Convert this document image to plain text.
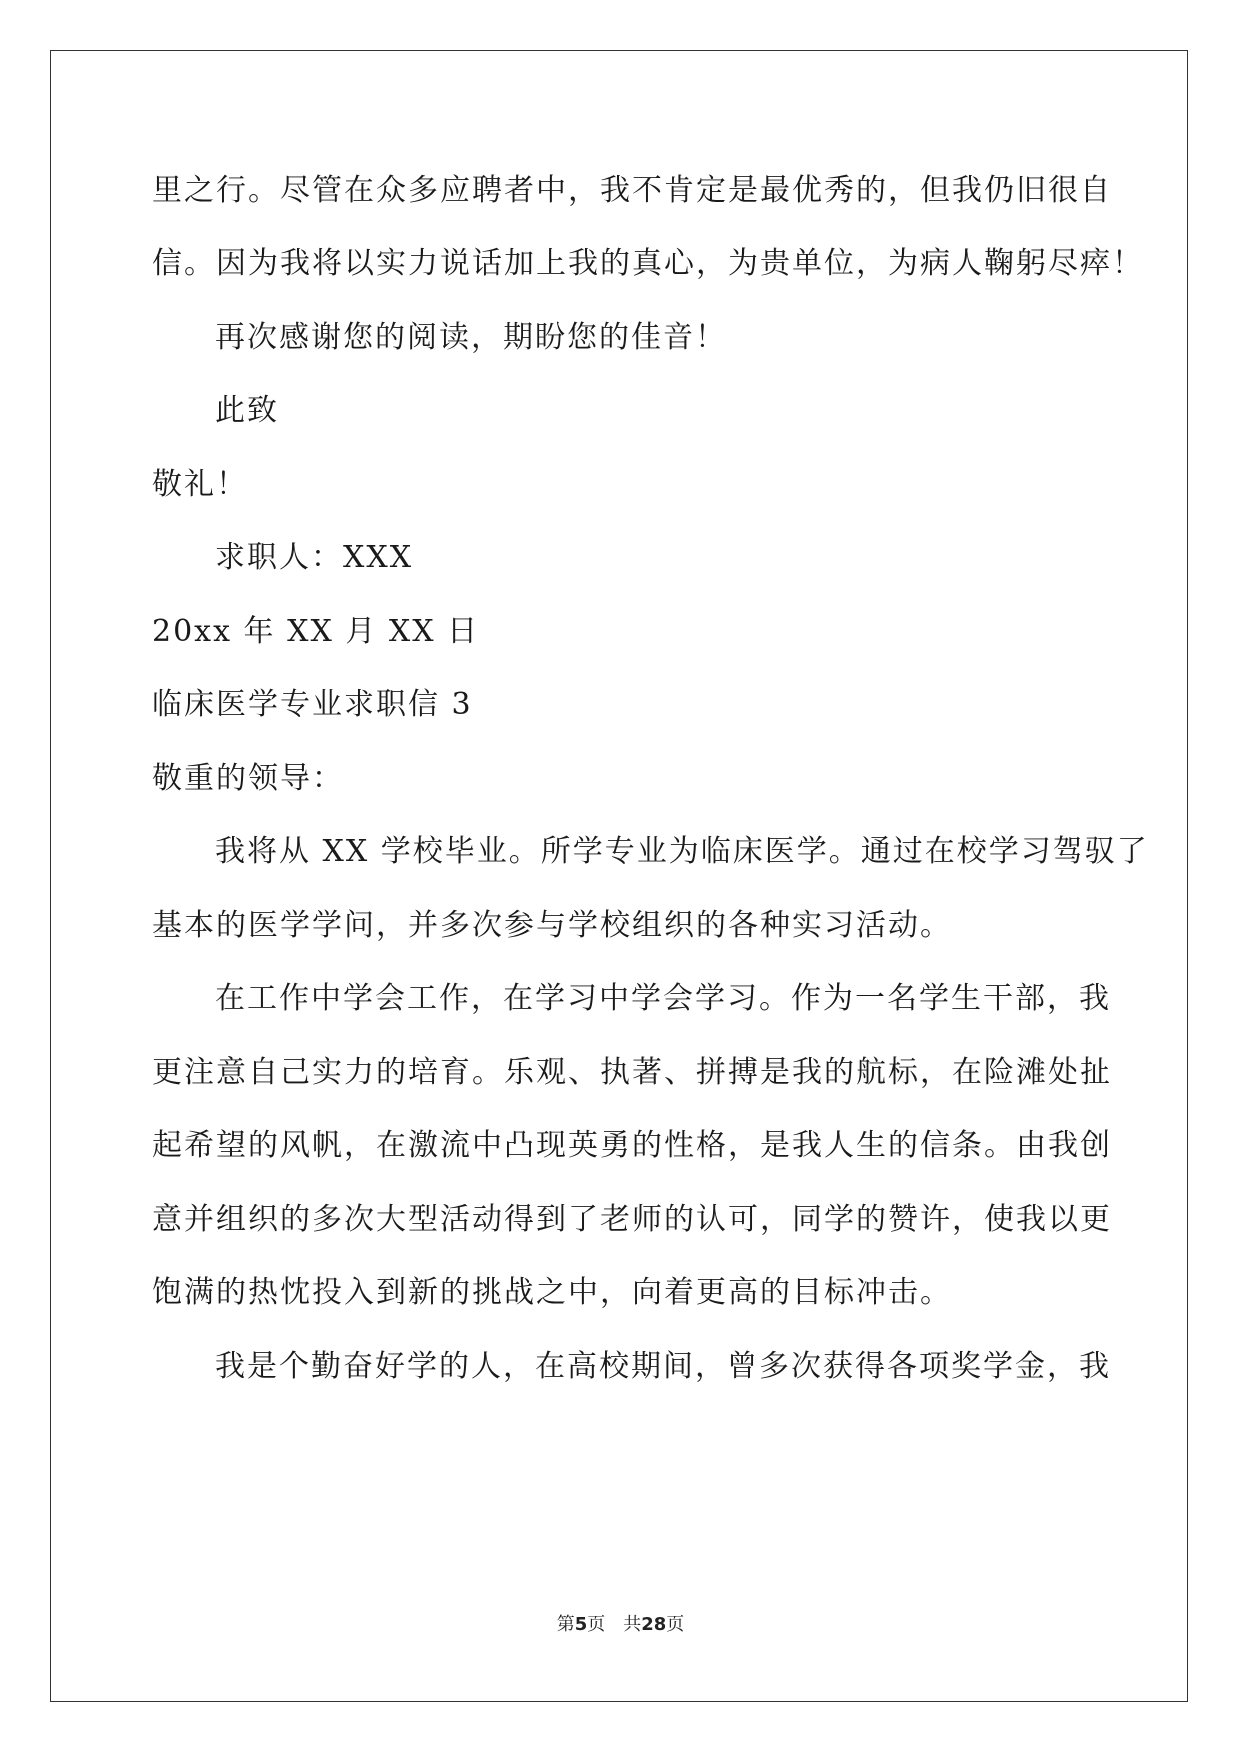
里之行。尽管在众多应聘者中，我不肯定是最优秀的，但我仍旧很自
信。因为我将以实力说话加上我的真心，为贵单位，为病人鞠躬尽瘁！
再次感谢您的阅读，期盼您的佳音！
此致
敬礼！
求职人：XXX
20xx 年 XX 月 XX 日
临床医学专业求职信 3
敬重的领导：
我将从 XX 学校毕业。所学专业为临床医学。通过在校学习驾驭了
基本的医学学问，并多次参与学校组织的各种实习活动。
在工作中学会工作，在学习中学会学习。作为一名学生干部，我
更注意自己实力的培育。乐观、执著、拼搏是我的航标，在险滩处扯
起希望的风帆，在激流中凸现英勇的性格，是我人生的信条。由我创
意并组织的多次大型活动得到了老师的认可，同学的赞许，使我以更
饱满的热忱投入到新的挑战之中，向着更高的目标冲击。
我是个勤奋好学的人，在高校期间，曾多次获得各项奖学金，我
第5页 共28页
